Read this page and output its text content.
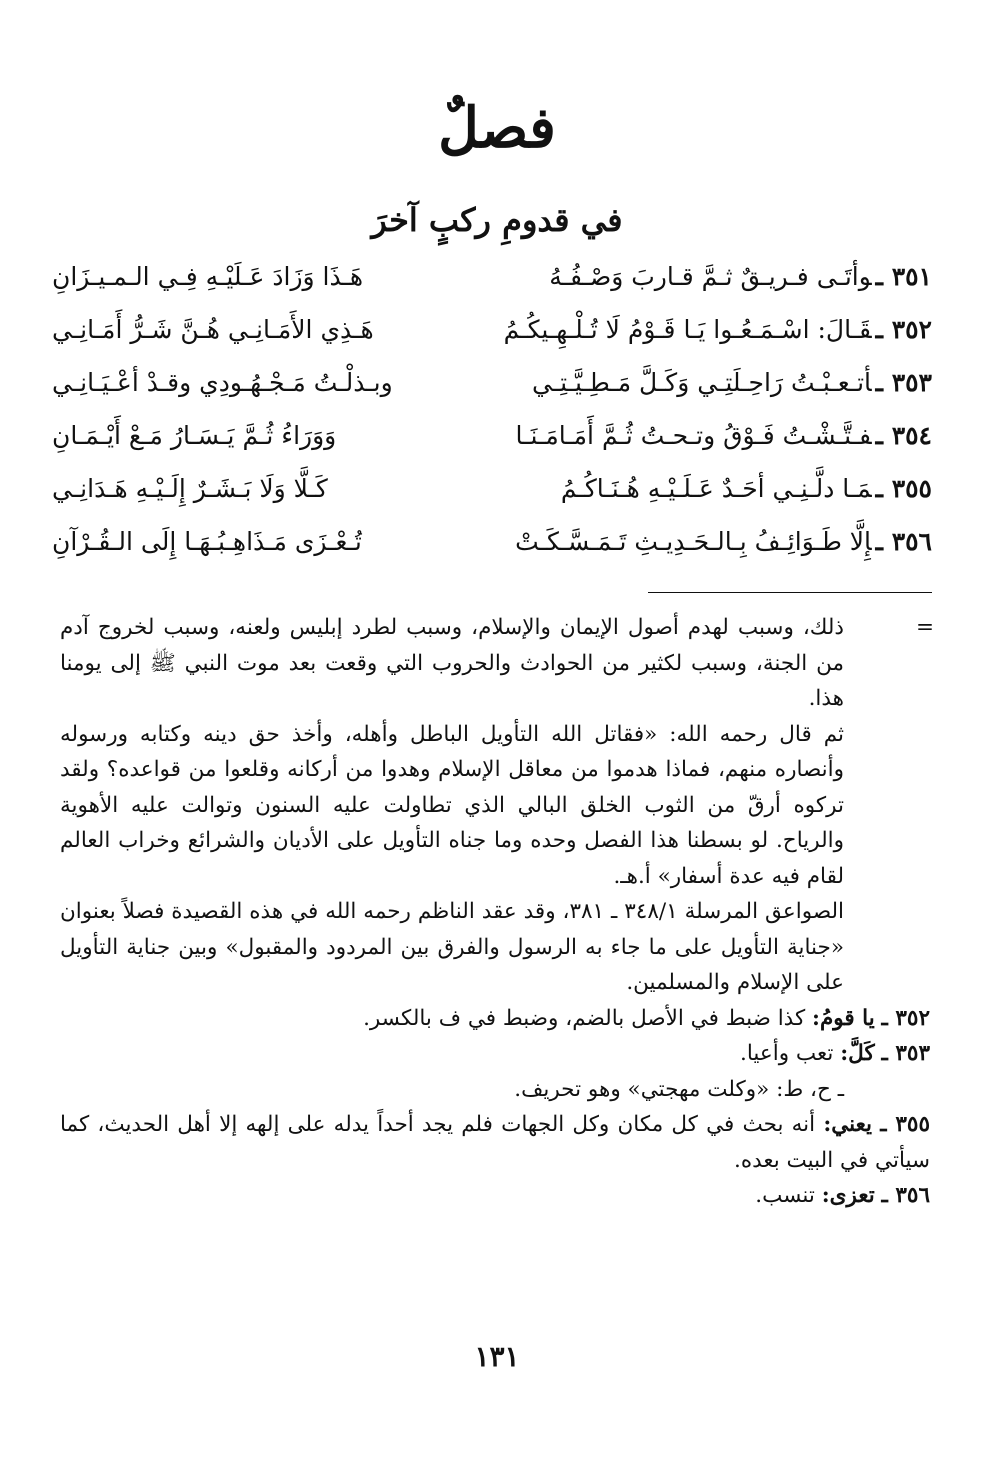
فصلٌ
في قدومِ ركبٍ آخرَ
٣٥١ ـوأتَـى فـريـقٌ ثـمَّ قـاربَ وَصْـفُـهُ
هَـذَا وَزَادَ عَـلَيْـهِ فِـي الـمـيـزَانِ
٣٥٢ ـقَـالَ: اسْـمَـعُـوا يَـا قَـوْمُ لَا تُـلْـهِـيكُـمُ
هَـذِي الأَمَـانِـي هُـنَّ شَـرُّ أَمَـانِـي
٣٥٣ ـأتـعـبْـتُ رَاحِـلَتِـي وَكَـلَّ مَـطِـيَّـتِـي
وبـذلْـتُ مَـجْـهُـودِي وقـدْ أعْـيَـانِـي
٣٥٤ ـفـتَّـشْـتُ فَـوْقُ وتـحـتُ ثُـمَّ أَمَـامَـنَـا
وَوَرَاءُ ثُـمَّ يَـسَـارُ مَـعْ أَيْـمَـانِ
٣٥٥ ـمَـا دلَّـنِـي أحَـدٌ عَـلَـيْـهِ هُـنَـاكُـمُ
كَـلَّا وَلَا بَـشَـرٌ إِلَـيْـهِ هَـدَانِـي
٣٥٦ ـإِلَّا طَـوَائِـفُ بِـالـحَـدِيـثِ تَـمَـسَّـكَـتْ
تُـعْـزَى مَـذَاهِـبُـهَـا إِلَى الـقُـرْآنِ

=
ذلك، وسبب لهدم أصول الإيمان والإسلام، وسبب لطرد إبليس ولعنه، وسبب لخروج آدم من الجنة، وسبب لكثير من الحوادث والحروب التي وقعت بعد موت النبي ﷺ إلى يومنا هذا.

ثم قال رحمه الله: «فقاتل الله التأويل الباطل وأهله، وأخذ حق دينه وكتابه ورسوله وأنصاره منهم، فماذا هدموا من معاقل الإسلام وهدوا من أركانه وقلعوا من قواعده؟ ولقد تركوه أرقّ من الثوب الخلق البالي الذي تطاولت عليه السنون وتوالت عليه الأهوية والرياح. لو بسطنا هذا الفصل وحده وما جناه التأويل على الأديان والشرائع وخراب العالم لقام فيه عدة أسفار» أ.هـ.

الصواعق المرسلة ٣٤٨/١ ـ ٣٨١، وقد عقد الناظم رحمه الله في هذه القصيدة فصلاً بعنوان «جناية التأويل على ما جاء به الرسول والفرق بين المردود والمقبول» وبين جناية التأويل على الإسلام والمسلمين.

٣٥٢ ـ يا قومُ: كذا ضبط في الأصل بالضم، وضبط في ف بالكسر.

٣٥٣ ـ كَلَّ: تعب وأعيا.

ـ ح، ط: «وكلت مهجتي» وهو تحريف.

٣٥٥ ـ يعني: أنه بحث في كل مكان وكل الجهات فلم يجد أحداً يدله على إلهه إلا أهل الحديث، كما سيأتي في البيت بعده.

٣٥٦ ـ تعزى: تنسب.

١٣١
